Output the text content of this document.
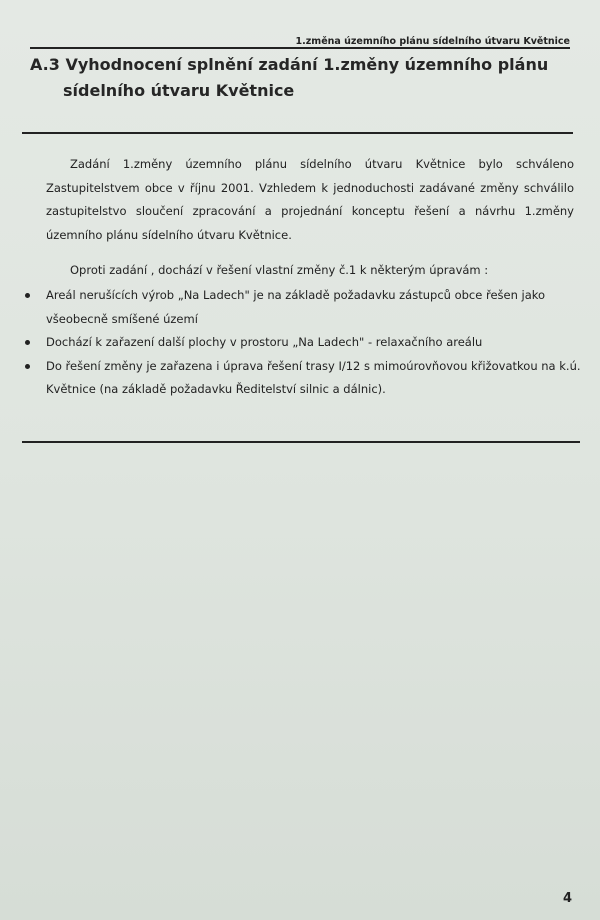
1.změna územního plánu sídelního útvaru Květnice
A.3 Vyhodnocení splnění zadání 1.změny územního plánu
sídelního útvaru Květnice

Zadání 1.změny územního plánu sídelního útvaru Květnice bylo schváleno Zastupitelstvem obce v říjnu 2001. Vzhledem k jednoduchosti zadávané změny schválilo zastupitelstvo sloučení zpracování a projednání konceptu řešení a návrhu 1.změny územního plánu sídelního útvaru Květnice.

Oproti zadání , dochází v řešení vlastní změny č.1 k některým úpravám :

Areál nerušících výrob „Na Ladech" je na základě požadavku zástupců obce řešen jako všeobecně smíšené území
Dochází k zařazení další plochy v prostoru „Na Ladech" - relaxačního areálu
Do řešení změny je zařazena i úprava řešení trasy I/12 s mimoúrovňovou křižovatkou na k.ú. Květnice (na základě požadavku Ředitelství silnic a dálnic).
4
